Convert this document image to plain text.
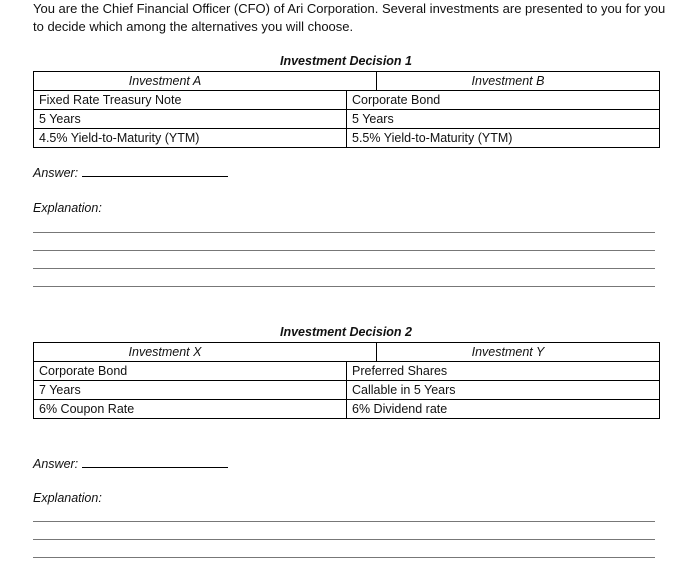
You are the Chief Financial Officer (CFO) of Ari Corporation. Several investments are presented to you for you to decide which among the alternatives you will choose.
Investment Decision 1
Investment A	Investment B
Fixed Rate Treasury Note	Corporate Bond
5 Years	5 Years
4.5% Yield-to-Maturity (YTM)	5.5% Yield-to-Maturity (YTM)
Answer:
Explanation:
Investment Decision 2
Investment X	Investment Y
Corporate Bond	Preferred Shares
7 Years	Callable in 5 Years
6% Coupon Rate	6% Dividend rate
Answer:
Explanation:
